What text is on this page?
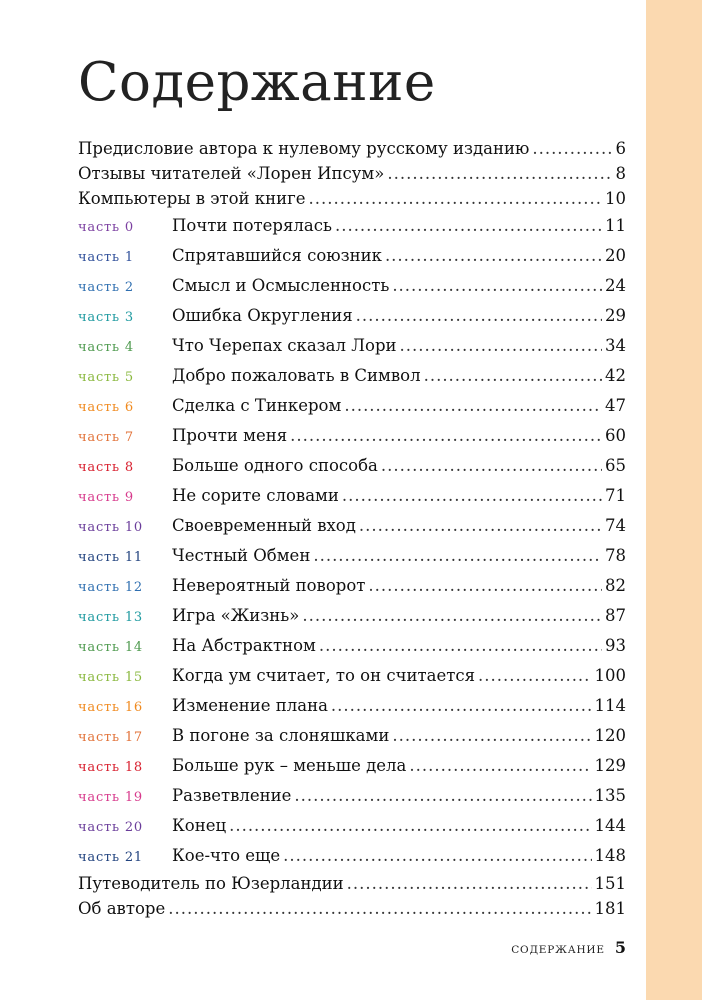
Содержание
Предисловие автора к нулевому русскому изданию .....	6
Отзывы читателей «Лорен Ипсум» .....	8
Компьютеры в этой книге .....	10
часть 0	Почти потерялась .....	11
часть 1	Спрятавшийся союзник .....	20
часть 2	Смысл и Осмысленность .....	24
часть 3	Ошибка Округления .....	29
часть 4	Что Черепах сказал Лори .....	34
часть 5	Добро пожаловать в Символ .....	42
часть 6	Сделка с Тинкером .....	47
часть 7	Прочти меня .....	60
часть 8	Больше одного способа .....	65
часть 9	Не сорите словами .....	71
часть 10	Своевременный вход .....	74
часть 11	Честный Обмен .....	78
часть 12	Невероятный поворот .....	82
часть 13	Игра «Жизнь» .....	87
часть 14	На Абстрактном .....	93
часть 15	Когда ум считает, то он считается .....	100
часть 16	Изменение плана .....	114
часть 17	В погоне за слоняшками .....	120
часть 18	Больше рук – меньше дела .....	129
часть 19	Разветвление .....	135
часть 20	Конец .....	144
часть 21	Кое-что еще .....	148
Путеводитель по Юзерландии .....	151
Об авторе .....	181
СОДЕРЖАНИЕ 5
